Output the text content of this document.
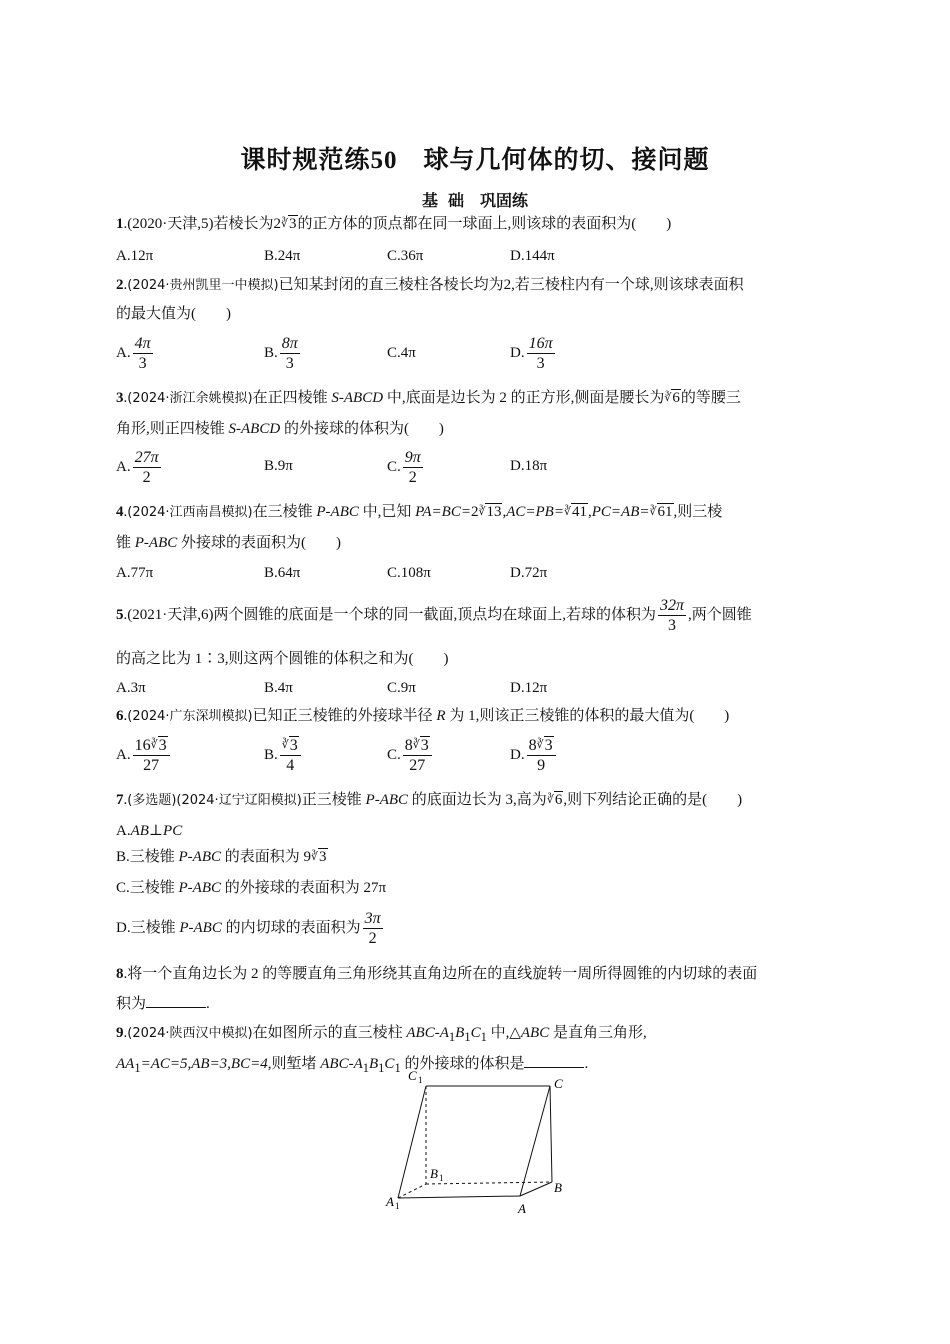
课时规范练50　球与几何体的切、接问题
基 础　巩固练
1.(2020·天津,5)若棱长为2∛3的正方体的顶点都在同一球面上,则该球的表面积为(　　)
A.12π	B.24π	C.36π	D.144π
2.(2024·贵州凯里一中模拟)已知某封闭的直三棱柱各棱长均为2,若三棱柱内有一个球,则该球表面积
的最大值为(　　)
A. $\frac{4\pi}{3}$	B. $\frac{8\pi}{3}$	C.4π	D. $\frac{16\pi}{3}$
3.(2024·浙江余姚模拟)在正四棱锥 S-ABCD 中,底面是边长为 2 的正方形,侧面是腰长为∛6的等腰三
角形,则正四棱锥 S-ABCD 的外接球的体积为(　　)
A. $\frac{27\pi}{2}$	B.9π	C. $\frac{9\pi}{2}$	D.18π
4.(2024·江西南昌模拟)在三棱锥 P-ABC 中,已知 PA=BC=2∛13,AC=PB=∛41,PC=AB=∛61,则三棱
锥 P-ABC 外接球的表面积为(　　)
A.77π	B.64π	C.108π	D.72π
5.(2021·天津,6)两个圆锥的底面是一个球的同一截面,顶点均在球面上,若球的体积为 $\frac{32\pi}{3}$ ,两个圆锥
的高之比为 1∶3,则这两个圆锥的体积之和为(　　)
A.3π	B.4π	C.9π	D.12π
6.(2024·广东深圳模拟)已知正三棱锥的外接球半径 R 为 1,则该正三棱锥的体积的最大值为(　　)
A. $\frac{16^∛3}{27}$	B. $\frac{^∛3}{4}$	C. $\frac{8^∛3}{27}$	D. $\frac{8^∛3}{9}$
7.(多选题)(2024·辽宁辽阳模拟)正三棱锥 P-ABC 的底面边长为 3,高为∛6,则下列结论正确的是(　　)
A.AB⊥PC
B.三棱锥 P-ABC 的表面积为 9∛3
C.三棱锥 P-ABC 的外接球的表面积为 27π
D.三棱锥 P-ABC 的内切球的表面积为 $\frac{3\pi}{2}$
8.将一个直角边长为 2 的等腰直角三角形绕其直角边所在的直线旋转一周所得圆锥的内切球的表面
积为	.
9.(2024·陕西汉中模拟)在如图所示的直三棱柱 ABC-$A_1B_1C_1$ 中,△ABC 是直角三角形,
$AA_1=AC=5,AB=3,BC=4$,则堑堵 ABC-$A_1B_1C_1$ 的外接球的体积是	.
C 1	C
B 1
B
A 1	A
